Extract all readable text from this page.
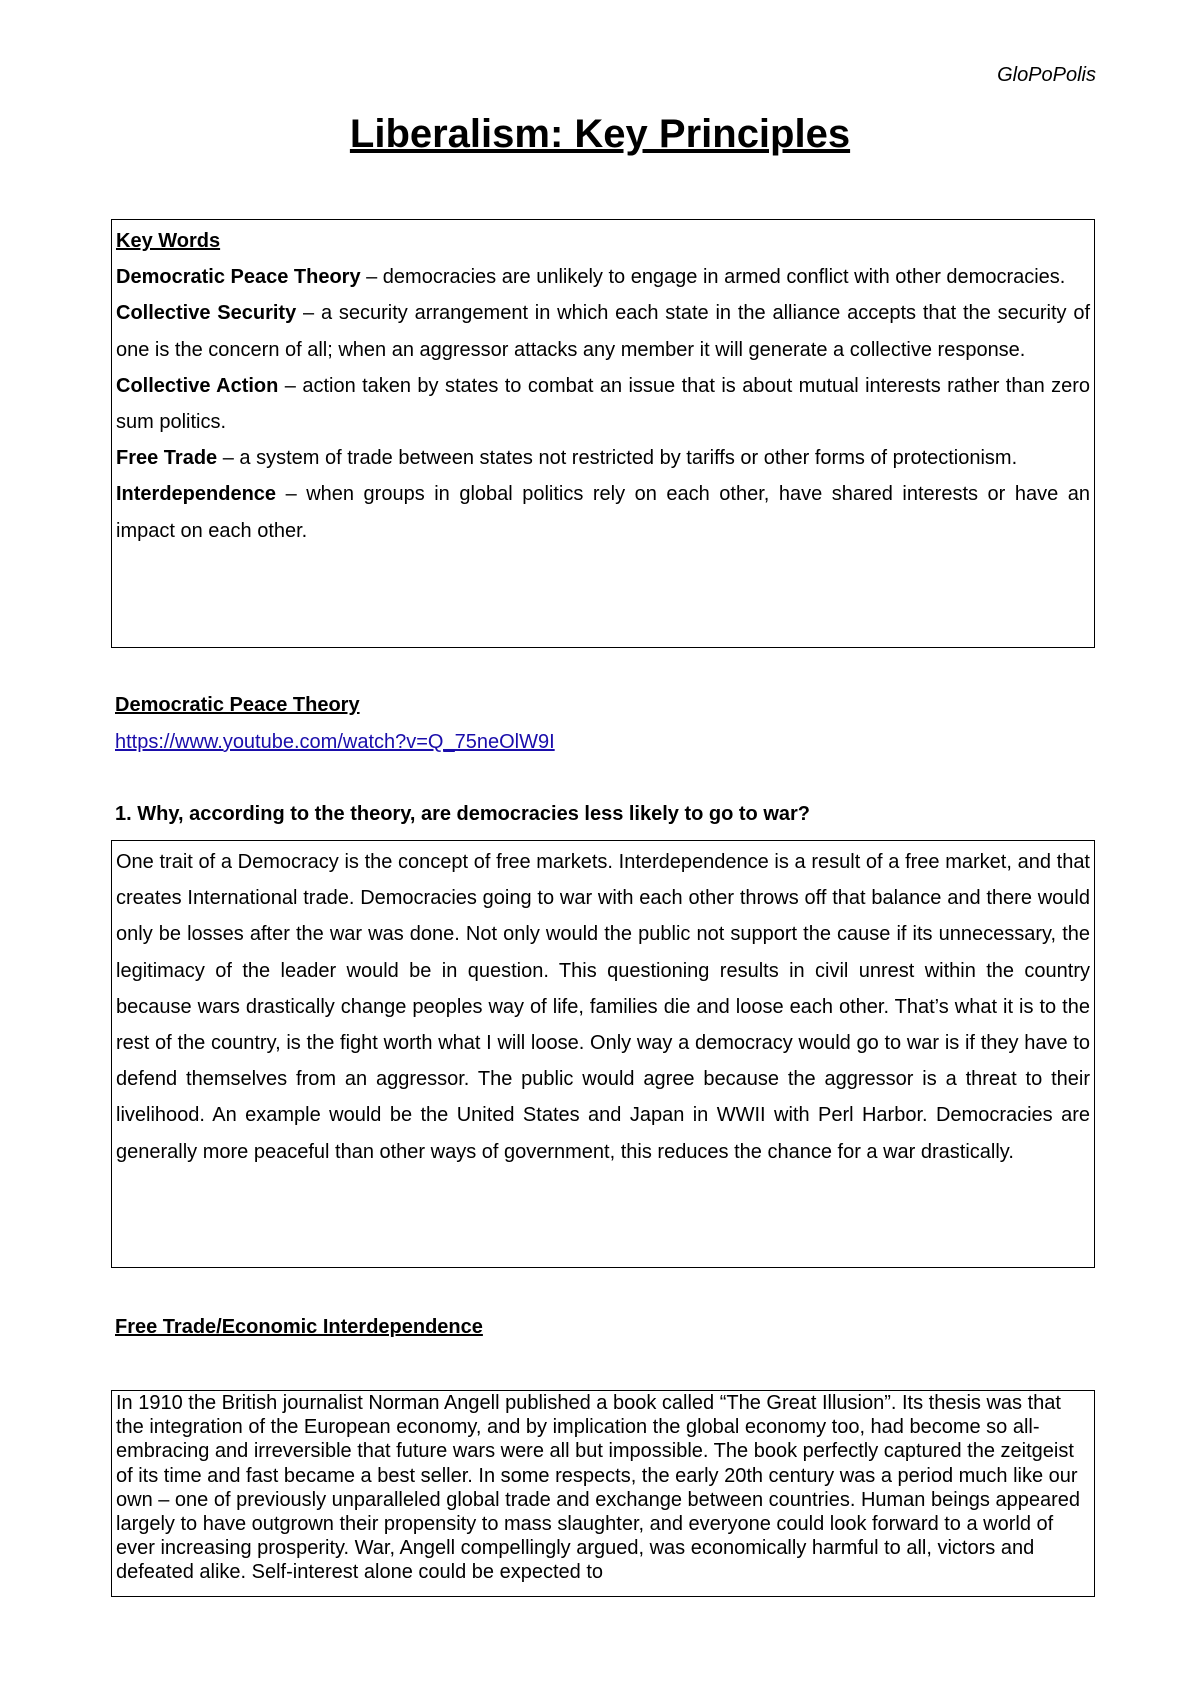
GloPoPolis
Liberalism: Key Principles
Key Words
Democratic Peace Theory – democracies are unlikely to engage in armed conflict with other democracies.
Collective Security – a security arrangement in which each state in the alliance accepts that the security of one is the concern of all; when an aggressor attacks any member it will generate a collective response.
Collective Action – action taken by states to combat an issue that is about mutual interests rather than zero sum politics.
Free Trade – a system of trade between states not restricted by tariffs or other forms of protectionism.
Interdependence – when groups in global politics rely on each other, have shared interests or have an impact on each other.
Democratic Peace Theory
https://www.youtube.com/watch?v=Q_75neOlW9I
1. Why, according to the theory, are democracies less likely to go to war?
One trait of a Democracy is the concept of free markets. Interdependence is a result of a free market, and that creates International trade. Democracies going to war with each other throws off that balance and there would only be losses after the war was done. Not only would the public not support the cause if its unnecessary, the legitimacy of the leader would be in question. This questioning results in civil unrest within the country because wars drastically change peoples way of life, families die and loose each other. That’s what it is to the rest of the country, is the fight worth what I will loose. Only way a democracy would go to war is if they have to defend themselves from an aggressor. The public would agree because the aggressor is a threat to their livelihood. An example would be the United States and Japan in WWII with Perl Harbor. Democracies are generally more peaceful than other ways of government, this reduces the chance for a war drastically.
Free Trade/Economic Interdependence
In 1910 the British journalist Norman Angell published a book called “The Great Illusion”. Its thesis was that the integration of the European economy, and by implication the global economy too, had become so all-embracing and irreversible that future wars were all but impossible. The book perfectly captured the zeitgeist of its time and fast became a best seller. In some respects, the early 20th century was a period much like our own – one of previously unparalleled global trade and exchange between countries. Human beings appeared largely to have outgrown their propensity to mass slaughter, and everyone could look forward to a world of ever increasing prosperity. War, Angell compellingly argued, was economically harmful to all, victors and defeated alike. Self-interest alone could be expected to
